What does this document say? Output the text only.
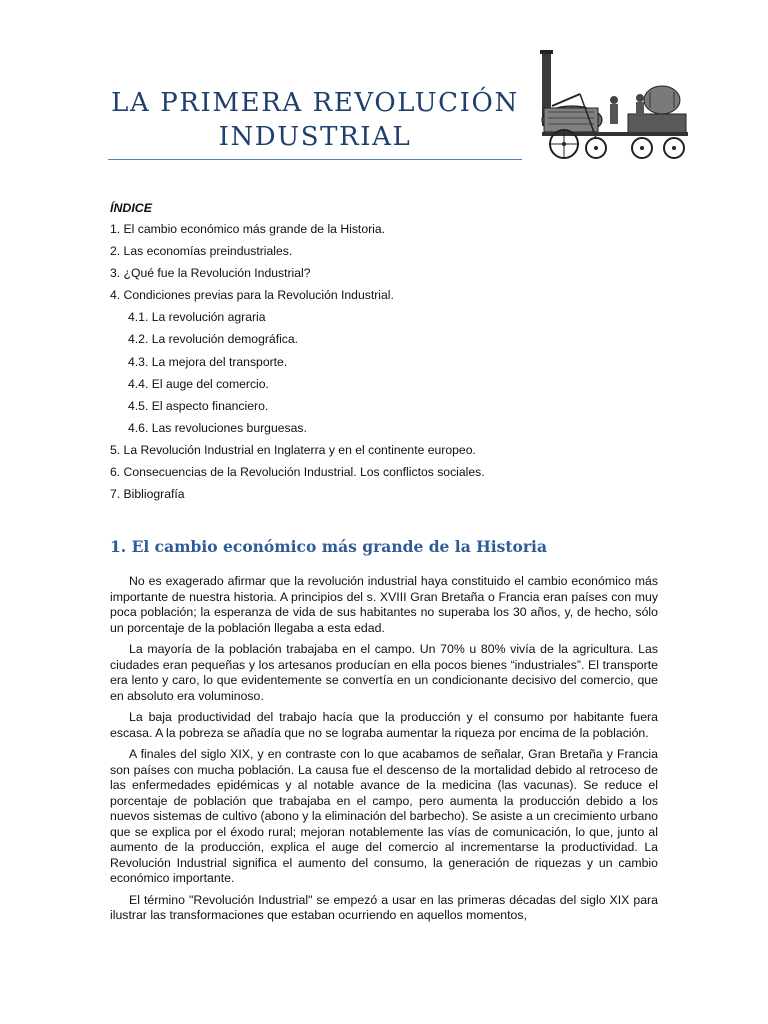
LA PRIMERA REVOLUCIÓN INDUSTRIAL
ÍNDICE
1. El cambio económico más grande de la Historia.
2. Las economías preindustriales.
3. ¿Qué fue la Revolución Industrial?
4. Condiciones previas para la Revolución Industrial.
4.1. La revolución agraria
4.2. La revolución demográfica.
4.3. La mejora del transporte.
4.4. El auge del comercio.
4.5. El aspecto financiero.
4.6. Las revoluciones burguesas.
5. La Revolución Industrial en Inglaterra y en el continente europeo.
6. Consecuencias de la Revolución Industrial. Los conflictos sociales.
7. Bibliografía
1. El cambio económico más grande de la Historia

No es exagerado afirmar que la revolución industrial haya constituido el cambio económico más importante de nuestra historia. A principios del s. XVIII Gran Bretaña o Francia eran países con muy poca población; la esperanza de vida de sus habitantes no superaba los 30 años, y, de hecho, sólo un porcentaje de la población llegaba a esta edad.

La mayoría de la población trabajaba en el campo. Un 70% u 80% vivía de la agricultura. Las ciudades eran pequeñas y los artesanos producían en ella pocos bienes “industriales”. El transporte era lento y caro, lo que evidentemente se convertía en un condicionante decisivo del comercio, que en absoluto era voluminoso.

La baja productividad del trabajo hacía que la producción y el consumo por habitante fuera escasa. A la pobreza se añadía que no se lograba aumentar la riqueza por encima de la población.

A finales del siglo XIX, y en contraste con lo que acabamos de señalar, Gran Bretaña y Francia son países con mucha población. La causa fue el descenso de la mortalidad debido al retroceso de las enfermedades epidémicas y al notable avance de la medicina (las vacunas). Se reduce el porcentaje de población que trabajaba en el campo, pero aumenta la producción debido a los nuevos sistemas de cultivo (abono y la eliminación del barbecho). Se asiste a un crecimiento urbano que se explica por el éxodo rural; mejoran notablemente las vías de comunicación, lo que, junto al aumento de la producción, explica el auge del comercio al incrementarse la productividad. La Revolución Industrial significa el aumento del consumo, la generación de riquezas y un cambio económico importante.

El término "Revolución Industrial" se empezó a usar en las primeras décadas del siglo XIX para ilustrar las transformaciones que estaban ocurriendo en aquellos momentos,
